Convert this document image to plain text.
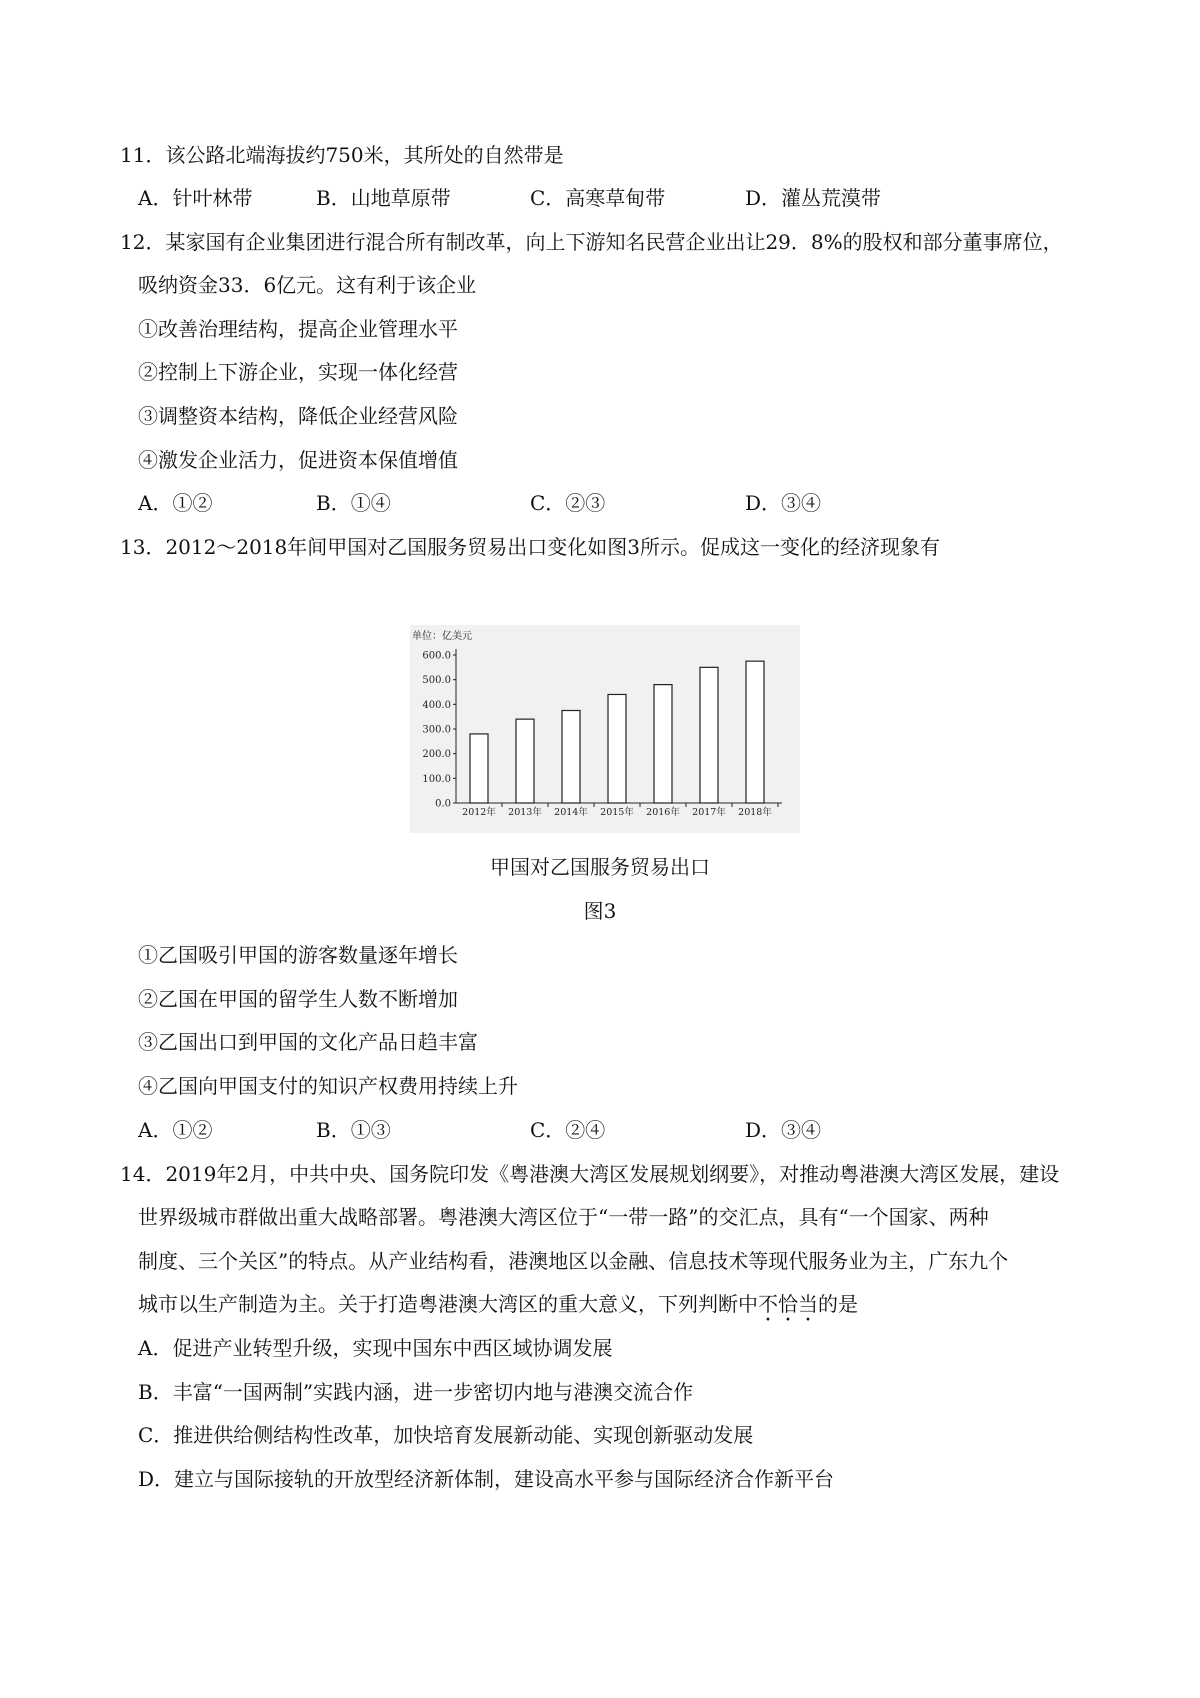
11．该公路北端海拔约750米，其所处的自然带是
A．针叶林带	B．山地草原带	C．高寒草甸带	D．灌丛荒漠带
12．某家国有企业集团进行混合所有制改革，向上下游知名民营企业出让29．8%的股权和部分董事席位，
吸纳资金33．6亿元。这有利于该企业
①改善治理结构，提高企业管理水平
②控制上下游企业，实现一体化经营
③调整资本结构，降低企业经营风险
④激发企业活力，促进资本保值增值
A．①②	B．①④	C．②③	D．③④
13．2012～2018年间甲国对乙国服务贸易出口变化如图3所示。促成这一变化的经济现象有
单位：亿美元
0.0
100.0
200.0
300.0
400.0
500.0
600.0
2012年 2013年 2014年 2015年 2016年 2017年 2018年
甲国对乙国服务贸易出口
图3
①乙国吸引甲国的游客数量逐年增长
②乙国在甲国的留学生人数不断增加
③乙国出口到甲国的文化产品日趋丰富
④乙国向甲国支付的知识产权费用持续上升
A．①②	B．①③	C．②④	D．③④
14．2019年2月，中共中央、国务院印发《粤港澳大湾区发展规划纲要》，对推动粤港澳大湾区发展，建设
世界级城市群做出重大战略部署。粤港澳大湾区位于“一带一路”的交汇点，具有“一个国家、两种
制度、三个关区”的特点。从产业结构看，港澳地区以金融、信息技术等现代服务业为主，广东九个
城市以生产制造为主。关于打造粤港澳大湾区的重大意义，下列判断中不恰当的是
A．促进产业转型升级，实现中国东中西区域协调发展
B．丰富“一国两制”实践内涵，进一步密切内地与港澳交流合作
C．推进供给侧结构性改革，加快培育发展新动能、实现创新驱动发展
D．建立与国际接轨的开放型经济新体制，建设高水平参与国际经济合作新平台
